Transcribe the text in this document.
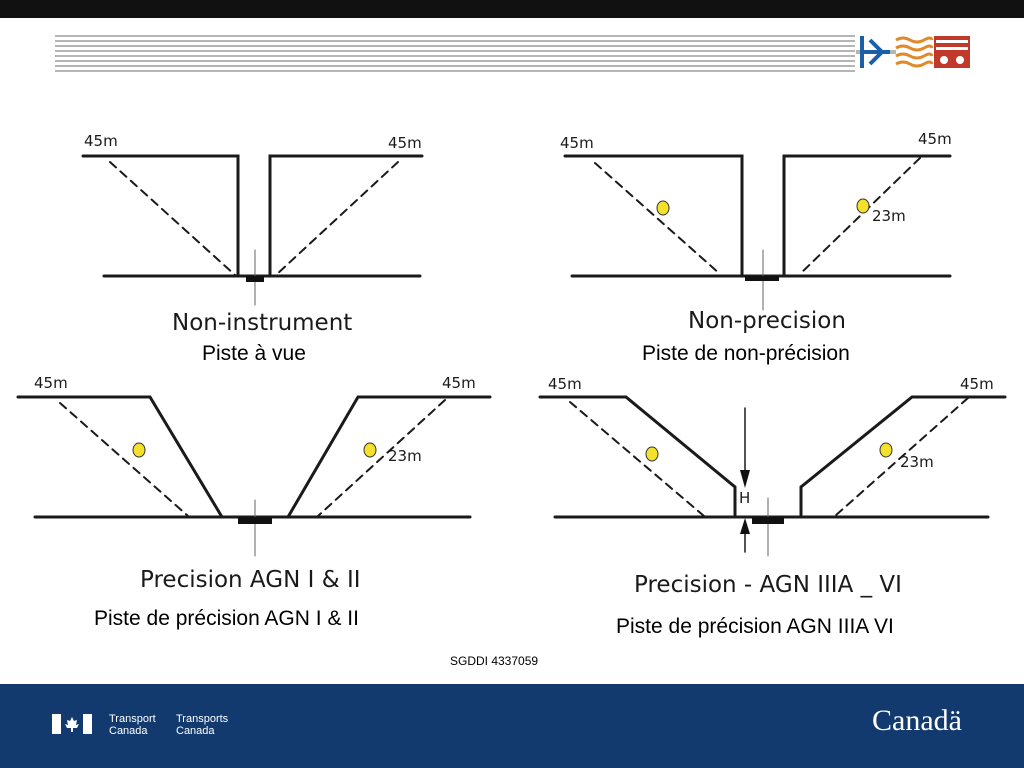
45m	45m
Non-instrument
45m	45m
23m
Non-precision
45m	45m
23m
Precision AGN I & II
45m	45m
23m
H
Precision - AGN IIIA _ VI
Piste à vue	Piste de non-précision
Piste de précision AGN I & II	Piste de précision AGN IIIA VI
SGDDI 4337059
Transport
Canada
Transports
Canada	Canadä
